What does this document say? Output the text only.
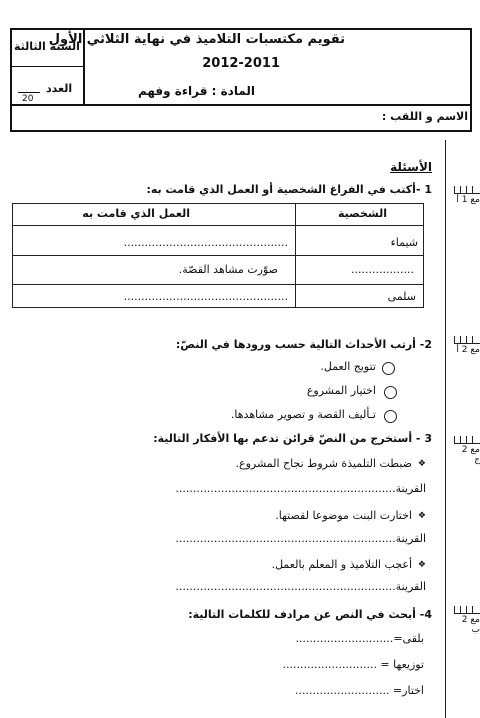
تقويم مكتسبات التلاميذ في نهاية الثلاثي الأول
2012-2011
المادة : قراءة وفهم
السنة الثالثة
العدد
20
الاسم و اللقب :
مع 1 أ
مع 2 أ
مع 2 ج
مع 2 ب
الأسئلة
1 -أكتب في الفراغ الشخصية أو العمل الذي قامت به:
الشخصية
العمل الذي قامت به
شيماء
...............................................
..................
صوّرت مشاهد القصّة.
سلمى
...............................................
2- أرتب الأحداث التالية حسب ورودها في النصّ:
تتويج العمل.
اختيار المشروع
تـأليف القصة و تصوير مشاهدها.
3 - أستخرج من النصّ قرائن تدعم بها الأفكار التالية:
❖
ضبطت التلميذة شروط نجاح المشروع.
القرينة...............................................................
❖
اختارت البنت موضوعا لقصتها.
القرينة...............................................................
❖
أعجب التلاميذ و المعلم بالعمل.
القرينة...............................................................
4- أبحث في النص عن مرادف للكلمات التالية:
بلقى=............................
توزيعها = ...........................
اختار= ...........................
